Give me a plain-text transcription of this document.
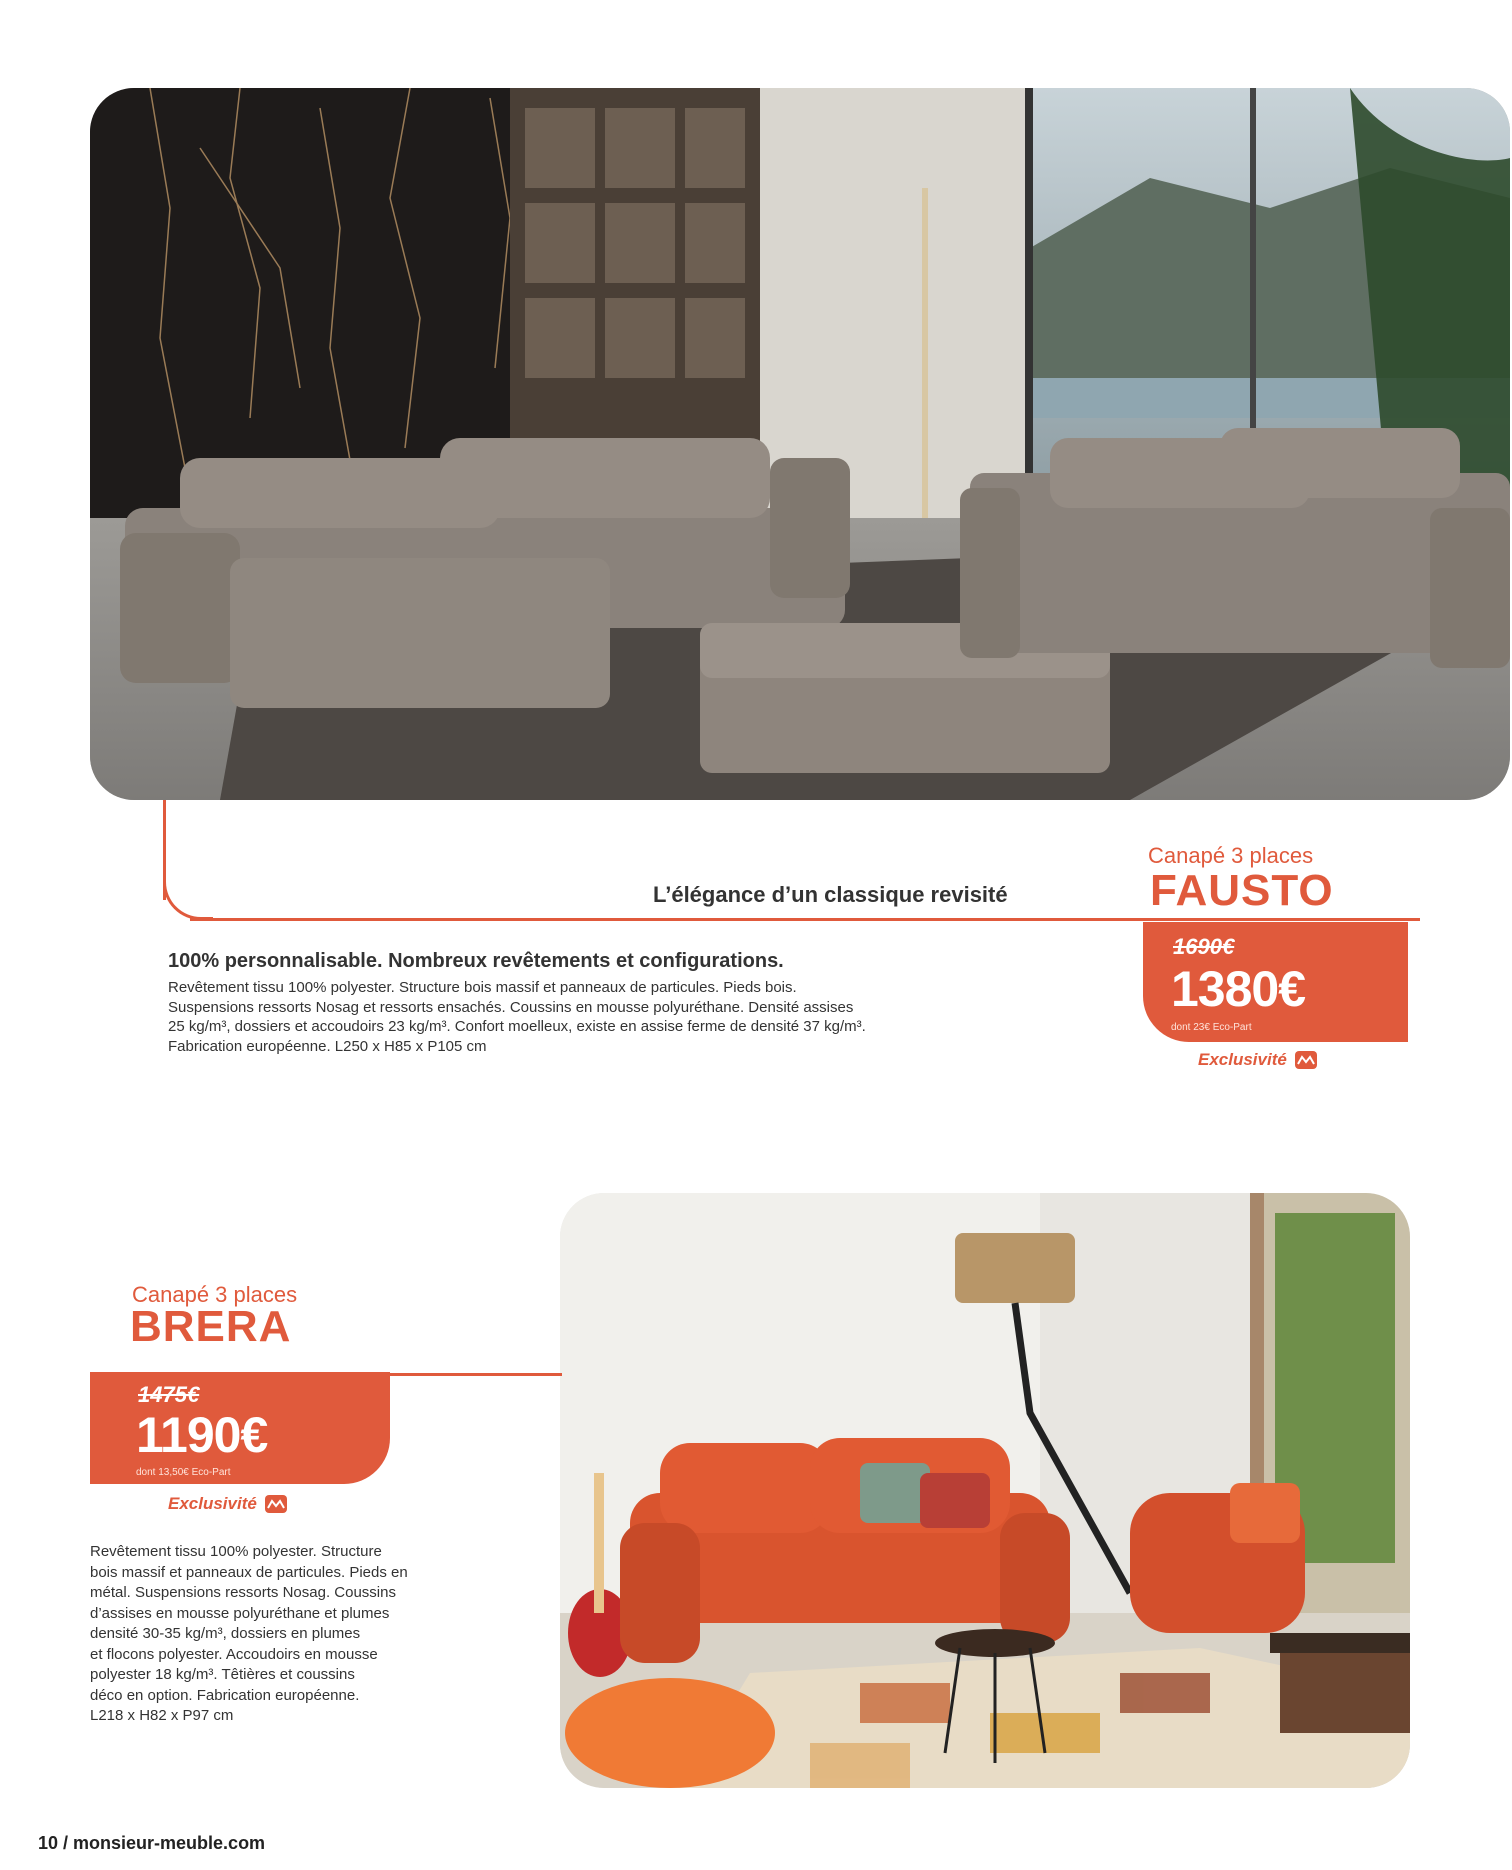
Canapé 3 places
L’élégance d’un classique revisité	FAUSTO
1690€
1380€
dont 23€ Eco-Part
Exclusivité
100% personnalisable. Nombreux revêtements et configurations.
Revêtement tissu 100% polyester. Structure bois massif et panneaux de particules. Pieds bois.
Suspensions ressorts Nosag et ressorts ensachés. Coussins en mousse polyuréthane. Densité assises
25 kg/m³, dossiers et accoudoirs 23 kg/m³. Confort moelleux, existe en assise ferme de densité 37 kg/m³.
Fabrication européenne. L250 x H85 x P105 cm
Canapé 3 places
BRERA
1475€
1190€
dont 13,50€ Eco-Part
Exclusivité
Revêtement tissu 100% polyester. Structure
bois massif et panneaux de particules. Pieds en
métal. Suspensions ressorts Nosag. Coussins
d’assises en mousse polyuréthane et plumes
densité 30-35 kg/m³, dossiers en plumes
et flocons polyester. Accoudoirs en mousse
polyester 18 kg/m³. Têtières et coussins
déco en option. Fabrication européenne.
L218 x H82 x P97 cm
10 / monsieur-meuble.com
